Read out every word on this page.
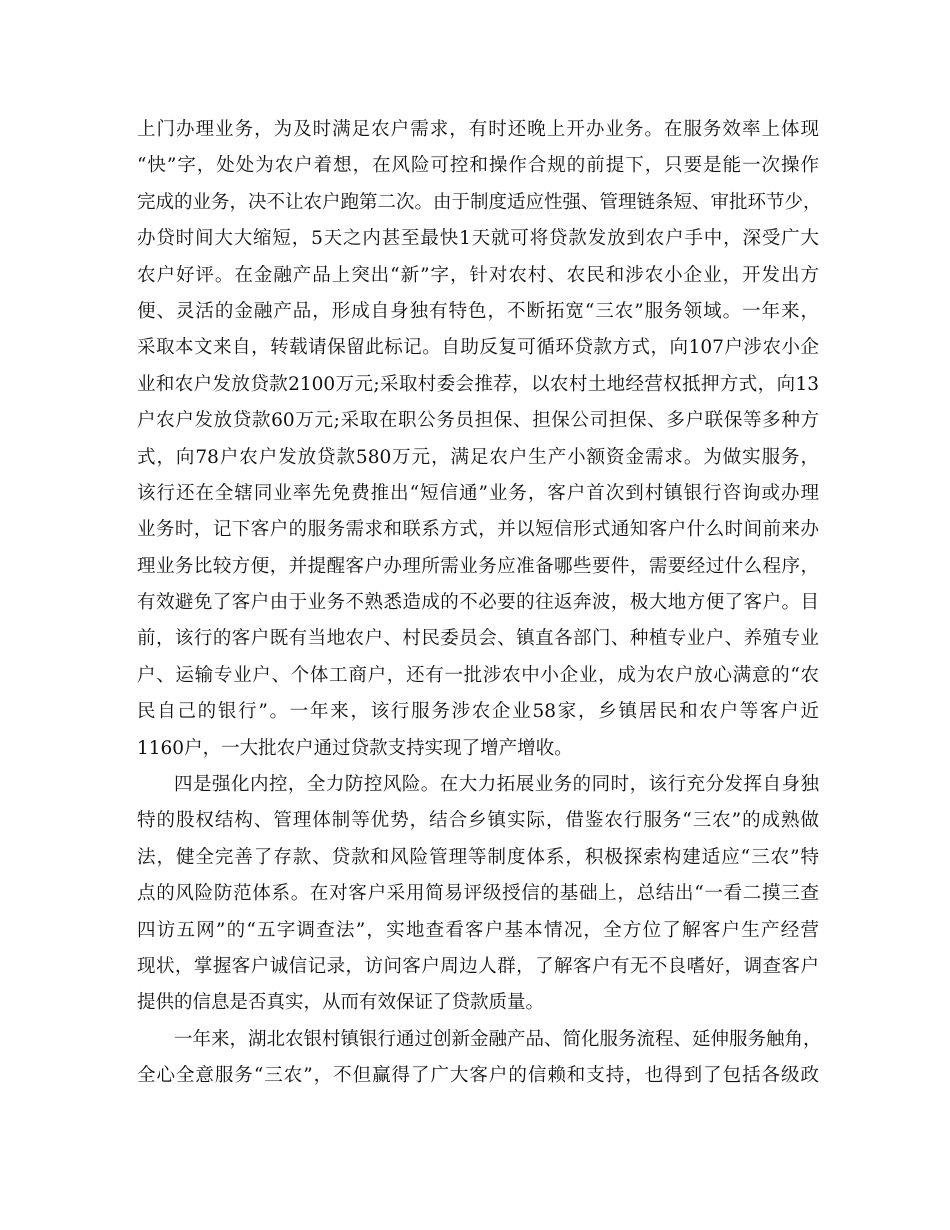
上门办理业务，为及时满足农户需求，有时还晚上开办业务。在服务效率上体现
“快”字，处处为农户着想，在风险可控和操作合规的前提下，只要是能一次操作
完成的业务，决不让农户跑第二次。由于制度适应性强、管理链条短、审批环节少，
办贷时间大大缩短，5天之内甚至最快1天就可将贷款发放到农户手中，深受广大
农户好评。在金融产品上突出“新”字，针对农村、农民和涉农小企业，开发出方
便、灵活的金融产品，形成自身独有特色，不断拓宽“三农”服务领域。一年来，
采取本文来自，转载请保留此标记。自助反复可循环贷款方式，向107户涉农小企
业和农户发放贷款2100万元;采取村委会推荐，以农村土地经营权抵押方式，向13
户农户发放贷款60万元;采取在职公务员担保、担保公司担保、多户联保等多种方
式，向78户农户发放贷款580万元，满足农户生产小额资金需求。为做实服务，
该行还在全辖同业率先免费推出“短信通”业务，客户首次到村镇银行咨询或办理
业务时，记下客户的服务需求和联系方式，并以短信形式通知客户什么时间前来办
理业务比较方便，并提醒客户办理所需业务应准备哪些要件，需要经过什么程序，
有效避免了客户由于业务不熟悉造成的不必要的往返奔波，极大地方便了客户。目
前，该行的客户既有当地农户、村民委员会、镇直各部门、种植专业户、养殖专业
户、运输专业户、个体工商户，还有一批涉农中小企业，成为农户放心满意的“农
民自己的银行”。一年来，该行服务涉农企业58家，乡镇居民和农户等客户近
1160户，一大批农户通过贷款支持实现了增产增收。
四是强化内控，全力防控风险。在大力拓展业务的同时，该行充分发挥自身独
特的股权结构、管理体制等优势，结合乡镇实际，借鉴农行服务“三农”的成熟做
法，健全完善了存款、贷款和风险管理等制度体系，积极探索构建适应“三农”特
点的风险防范体系。在对客户采用简易评级授信的基础上，总结出“一看二摸三查
四访五网”的“五字调查法”，实地查看客户基本情况，全方位了解客户生产经营
现状，掌握客户诚信记录，访问客户周边人群，了解客户有无不良嗜好，调查客户
提供的信息是否真实，从而有效保证了贷款质量。
一年来，湖北农银村镇银行通过创新金融产品、简化服务流程、延伸服务触角，
全心全意服务“三农”，不但赢得了广大客户的信赖和支持，也得到了包括各级政
